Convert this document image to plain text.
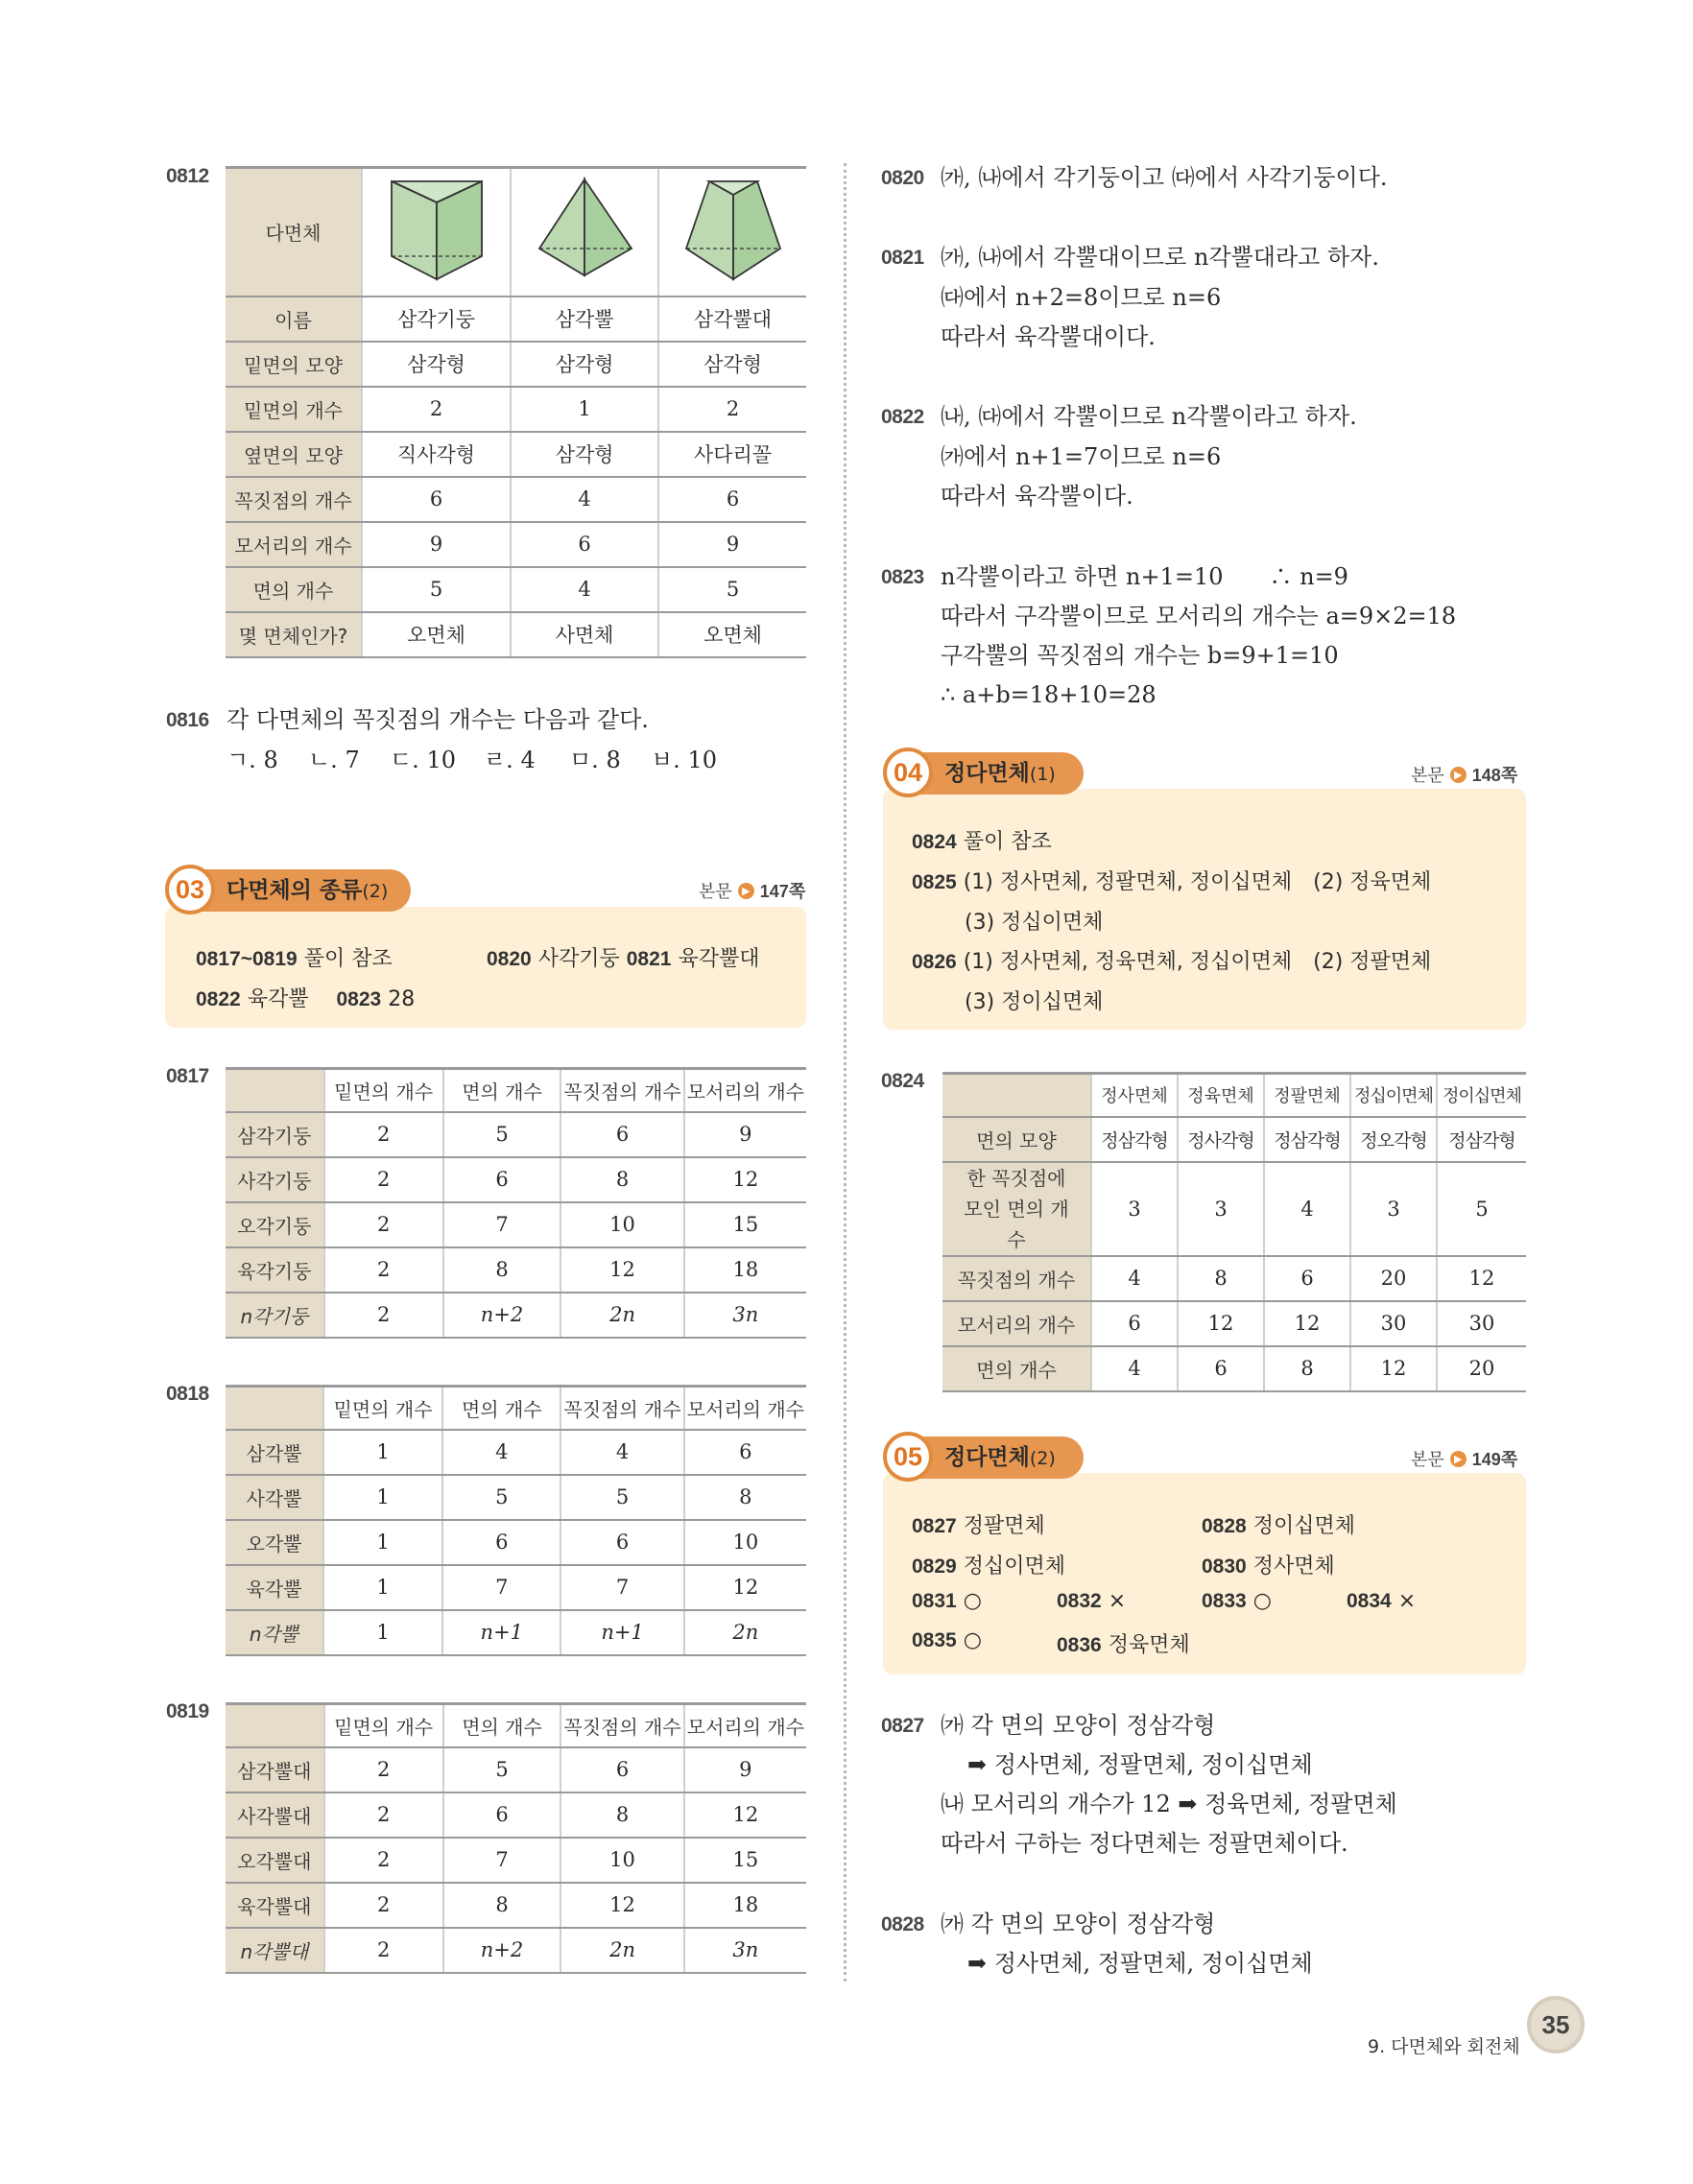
0812
다면체			
이름	삼각기둥	삼각뿔	삼각뿔대
밑면의 모양	삼각형	삼각형	삼각형
밑면의 개수	2	1	2
옆면의 모양	직사각형	삼각형	사다리꼴
꼭짓점의 개수	6	4	6
모서리의 개수	9	6	9
면의 개수	5	4	5
몇 면체인가?	오면체	사면체	오면체
0816 각 다면체의 꼭짓점의 개수는 다음과 같다.
ㄱ. 8	ㄴ. 7	ㄷ. 10	ㄹ. 4	ㅁ. 8	ㅂ. 10
다면체의 종류(2)
03	본문 ▶ 147쪽
0817~0819 풀이 참조	0820 사각기둥 0821 육각뿔대
0822 육각뿔　 0823 28
0817
	밑면의 개수	면의 개수	꼭짓점의 개수	모서리의 개수
삼각기둥	2	5	6	9
사각기둥	2	6	8	12
오각기둥	2	7	10	15
육각기둥	2	8	12	18
n각기둥	2	n+2	2n	3n
0818
	밑면의 개수	면의 개수	꼭짓점의 개수	모서리의 개수
삼각뿔	1	4	4	6
사각뿔	1	5	5	8
오각뿔	1	6	6	10
육각뿔	1	7	7	12
n각뿔	1	n+1	n+1	2n
0819
	밑면의 개수	면의 개수	꼭짓점의 개수	모서리의 개수
삼각뿔대	2	5	6	9
사각뿔대	2	6	8	12
오각뿔대	2	7	10	15
육각뿔대	2	8	12	18
n각뿔대	2	n+2	2n	3n
0820 ㈎, ㈏에서 각기둥이고 ㈐에서 사각기둥이다.
0821 ㈎, ㈏에서 각뿔대이므로 n각뿔대라고 하자.
㈐에서 n+2=8이므로 n=6
따라서 육각뿔대이다.
0822 ㈏, ㈐에서 각뿔이므로 n각뿔이라고 하자.
㈎에서 n+1=7이므로 n=6
따라서 육각뿔이다.
0823 n각뿔이라고 하면 n+1=10　　∴ n=9
따라서 구각뿔이므로 모서리의 개수는 a=9×2=18
구각뿔의 꼭짓점의 개수는 b=9+1=10
∴ a+b=18+10=28
정다면체(1)
04	본문 ▶ 148쪽
0824 풀이 참조
0825 (1) 정사면체, 정팔면체, 정이십면체　(2) 정육면체
(3) 정십이면체
0826 (1) 정사면체, 정육면체, 정십이면체　(2) 정팔면체
(3) 정이십면체
0824
	정사면체	정육면체	정팔면체	정십이면체	정이십면체
면의 모양	정삼각형	정사각형	정삼각형	정오각형	정삼각형
한 꼭짓점에 모인 면의 개수	3	3	4	3	5
꼭짓점의 개수	4	8	6	20	12
모서리의 개수	6	12	12	30	30
면의 개수	4	6	8	12	20
정다면체(2)
05	본문 ▶ 149쪽
0827 정팔면체	0828 정이십면체
0829 정십이면체	0830 정사면체
0831 ○	0832 ×	0833 ○	0834 ×
0835 ○	0836 정육면체
0827 ㈎ 각 면의 모양이 정삼각형
➡ 정사면체, 정팔면체, 정이십면체
㈏ 모서리의 개수가 12 ➡ 정육면체, 정팔면체
따라서 구하는 정다면체는 정팔면체이다.
0828 ㈎ 각 면의 모양이 정삼각형
➡ 정사면체, 정팔면체, 정이십면체
9. 다면체와 회전체
35
